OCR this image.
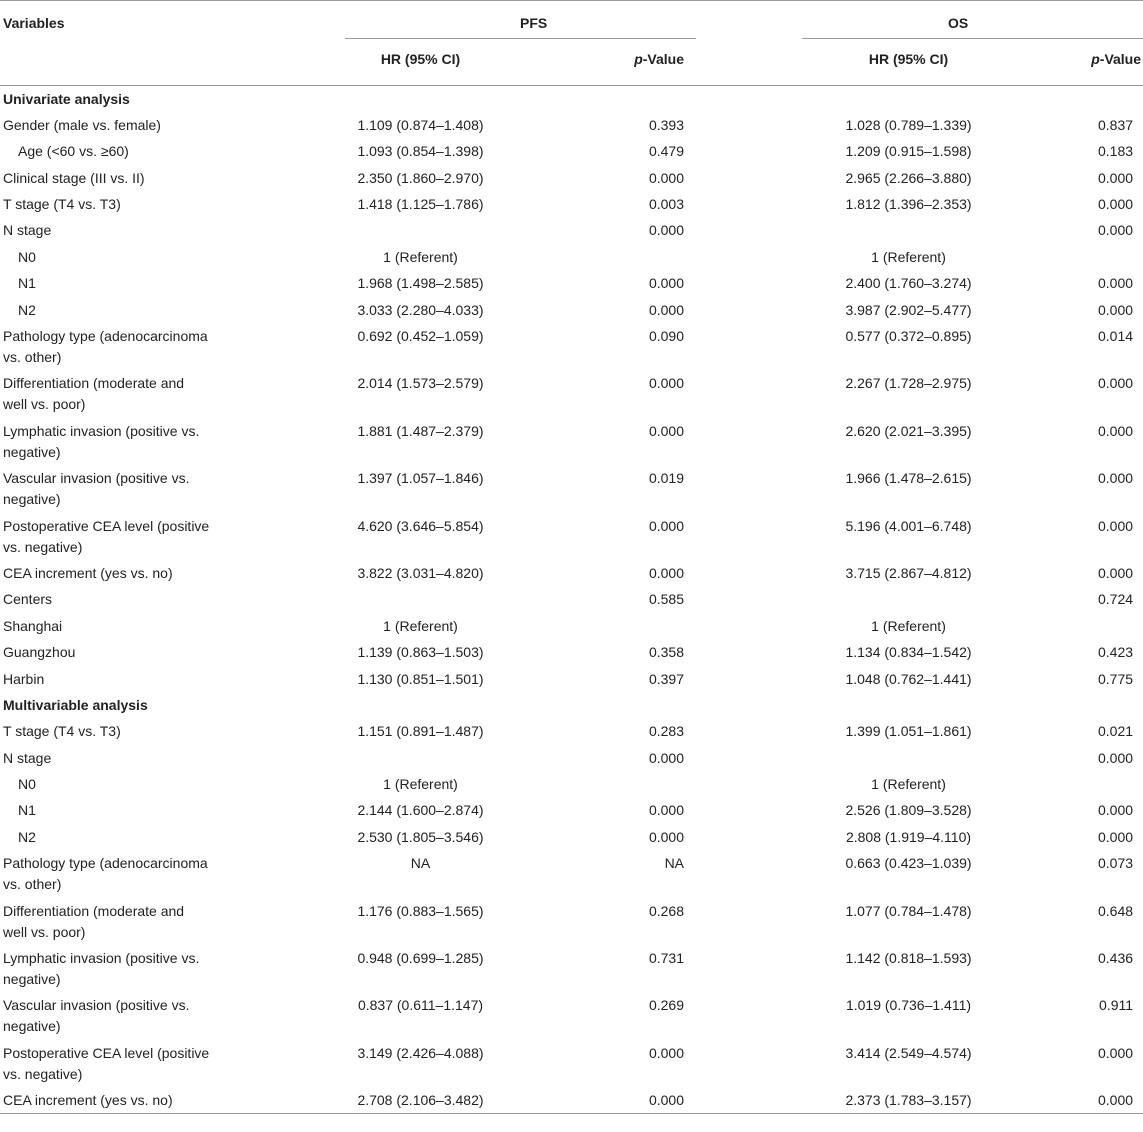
Variables	PFS			OS	
	HR (95% CI)	p-Value		HR (95% CI)	p-Value
Univariate analysis					
Gender (male vs. female)	1.109 (0.874–1.408)	0.393		1.028 (0.789–1.339)	0.837
Age (<60 vs. ≥60)	1.093 (0.854–1.398)	0.479		1.209 (0.915–1.598)	0.183
Clinical stage (III vs. II)	2.350 (1.860–2.970)	0.000		2.965 (2.266–3.880)	0.000
T stage (T4 vs. T3)	1.418 (1.125–1.786)	0.003		1.812 (1.396–2.353)	0.000
N stage		0.000			0.000
N0	1 (Referent)			1 (Referent)	
N1	1.968 (1.498–2.585)	0.000		2.400 (1.760–3.274)	0.000
N2	3.033 (2.280–4.033)	0.000		3.987 (2.902–5.477)	0.000
Pathology type (adenocarcinoma
vs. other)	0.692 (0.452–1.059)	0.090		0.577 (0.372–0.895)	0.014
Differentiation (moderate and
well vs. poor)	2.014 (1.573–2.579)	0.000		2.267 (1.728–2.975)	0.000
Lymphatic invasion (positive vs.
negative)	1.881 (1.487–2.379)	0.000		2.620 (2.021–3.395)	0.000
Vascular invasion (positive vs.
negative)	1.397 (1.057–1.846)	0.019		1.966 (1.478–2.615)	0.000
Postoperative CEA level (positive
vs. negative)	4.620 (3.646–5.854)	0.000		5.196 (4.001–6.748)	0.000
CEA increment (yes vs. no)	3.822 (3.031–4.820)	0.000		3.715 (2.867–4.812)	0.000
Centers		0.585			0.724
Shanghai	1 (Referent)			1 (Referent)	
Guangzhou	1.139 (0.863–1.503)	0.358		1.134 (0.834–1.542)	0.423
Harbin	1.130 (0.851–1.501)	0.397		1.048 (0.762–1.441)	0.775
Multivariable analysis					
T stage (T4 vs. T3)	1.151 (0.891–1.487)	0.283		1.399 (1.051–1.861)	0.021
N stage		0.000			0.000
N0	1 (Referent)			1 (Referent)	
N1	2.144 (1.600–2.874)	0.000		2.526 (1.809–3.528)	0.000
N2	2.530 (1.805–3.546)	0.000		2.808 (1.919–4.110)	0.000
Pathology type (adenocarcinoma
vs. other)	NA	NA		0.663 (0.423–1.039)	0.073
Differentiation (moderate and
well vs. poor)	1.176 (0.883–1.565)	0.268		1.077 (0.784–1.478)	0.648
Lymphatic invasion (positive vs.
negative)	0.948 (0.699–1.285)	0.731		1.142 (0.818–1.593)	0.436
Vascular invasion (positive vs.
negative)	0.837 (0.611–1.147)	0.269		1.019 (0.736–1.411)	0.911
Postoperative CEA level (positive
vs. negative)	3.149 (2.426–4.088)	0.000		3.414 (2.549–4.574)	0.000
CEA increment (yes vs. no)	2.708 (2.106–3.482)	0.000		2.373 (1.783–3.157)	0.000
